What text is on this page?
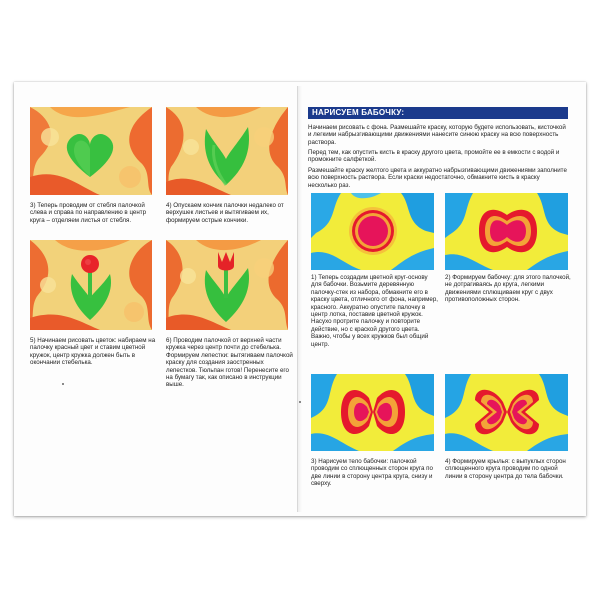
3) Теперь проводим от стебля палочкой слева и справа по направлению в центр круга – отделяем листья от стебля.
4) Опускаем кончик палочки недалеко от верхушек листьев и вытягиваем их, формируем острые кончики.
5) Начинаем рисовать цветок: набираем на палочку красный цвет и ставим цветной кружок, центр кружка должен быть в окончании стебелька.
6) Проводим палочкой от верхней части кружка через центр почти до стебелька. Формируем лепестки: вытягиваем палочкой краску для создания заостренных лепестков. Тюльпан готов! Перенесите его на бумагу так, как описано в инструкции выше.
НАРИСУЕМ БАБОЧКУ:
Начинаем рисовать с фона. Размешайте краску, которую будете использовать, кисточкой и легкими набрызгивающими движениями нанесите синюю краску на всю поверхность раствора.
Перед тем, как опустить кисть в краску другого цвета, промойте ее в емкости с водой и промокните салфеткой.
Размешайте краску желтого цвета и аккуратно набрызгивающими движениями заполните всю поверхность раствора. Если краски недостаточно, обмакните кисть в краску несколько раз.
1) Теперь создадим цветной круг-основу для бабочки. Возьмите деревянную палочку-стек из набора, обмакните его в краску цвета, отличного от фона, например, красного. Аккуратно опустите палочку в центр лотка, поставив цветной кружок. Насухо протрите палочку и повторите действие, но с краской другого цвета. Важно, чтобы у всех кружков был общий центр.
2) Формируем бабочку: для этого палочкой, не дотрагиваясь до круга, легкими движениями сплющиваем круг с двух противоположных сторон.
3) Нарисуем тело бабочки: палочкой проводим со сплющенных сторон круга по две линии в сторону центра круга, снизу и сверху.
4) Формируем крылья: с выпуклых сторон сплющенного круга проводим по одной линии в сторону центра до тела бабочки.
